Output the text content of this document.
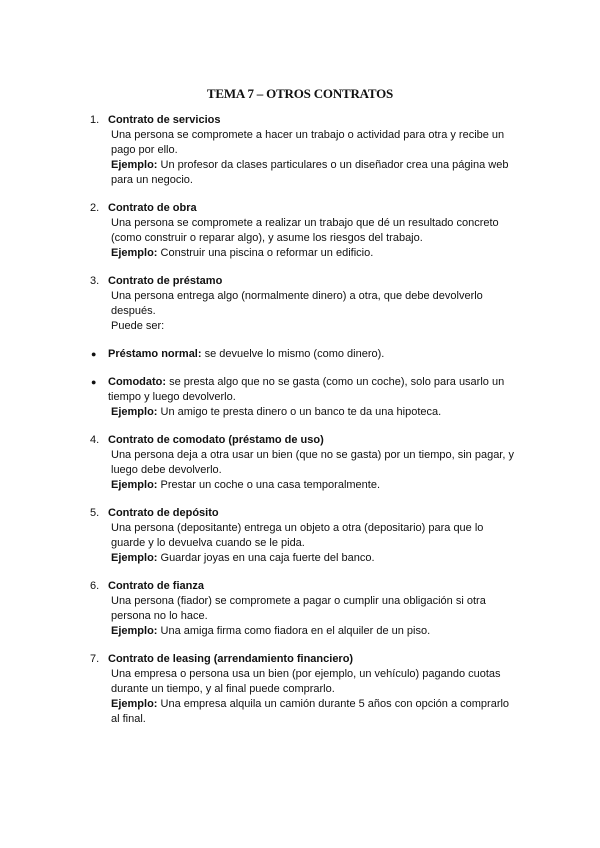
TEMA 7 – OTROS CONTRATOS
1. Contrato de servicios
Una persona se compromete a hacer un trabajo o actividad para otra y recibe un pago por ello.
Ejemplo: Un profesor da clases particulares o un diseñador crea una página web para un negocio.
2. Contrato de obra
Una persona se compromete a realizar un trabajo que dé un resultado concreto (como construir o reparar algo), y asume los riesgos del trabajo.
Ejemplo: Construir una piscina o reformar un edificio.
3. Contrato de préstamo
Una persona entrega algo (normalmente dinero) a otra, que debe devolverlo después.
Puede ser:
●	Préstamo normal: se devuelve lo mismo (como dinero).
●	Comodato: se presta algo que no se gasta (como un coche), solo para usarlo un tiempo y luego devolverlo.
Ejemplo: Un amigo te presta dinero o un banco te da una hipoteca.
4. Contrato de comodato (préstamo de uso)
Una persona deja a otra usar un bien (que no se gasta) por un tiempo, sin pagar, y luego debe devolverlo.
Ejemplo: Prestar un coche o una casa temporalmente.
5. Contrato de depósito
Una persona (depositante) entrega un objeto a otra (depositario) para que lo guarde y lo devuelva cuando se le pida.
Ejemplo: Guardar joyas en una caja fuerte del banco.
6. Contrato de fianza
Una persona (fiador) se compromete a pagar o cumplir una obligación si otra persona no lo hace.
Ejemplo: Una amiga firma como fiadora en el alquiler de un piso.
7. Contrato de leasing (arrendamiento financiero)
Una empresa o persona usa un bien (por ejemplo, un vehículo) pagando cuotas durante un tiempo, y al final puede comprarlo.
Ejemplo: Una empresa alquila un camión durante 5 años con opción a comprarlo al final.
